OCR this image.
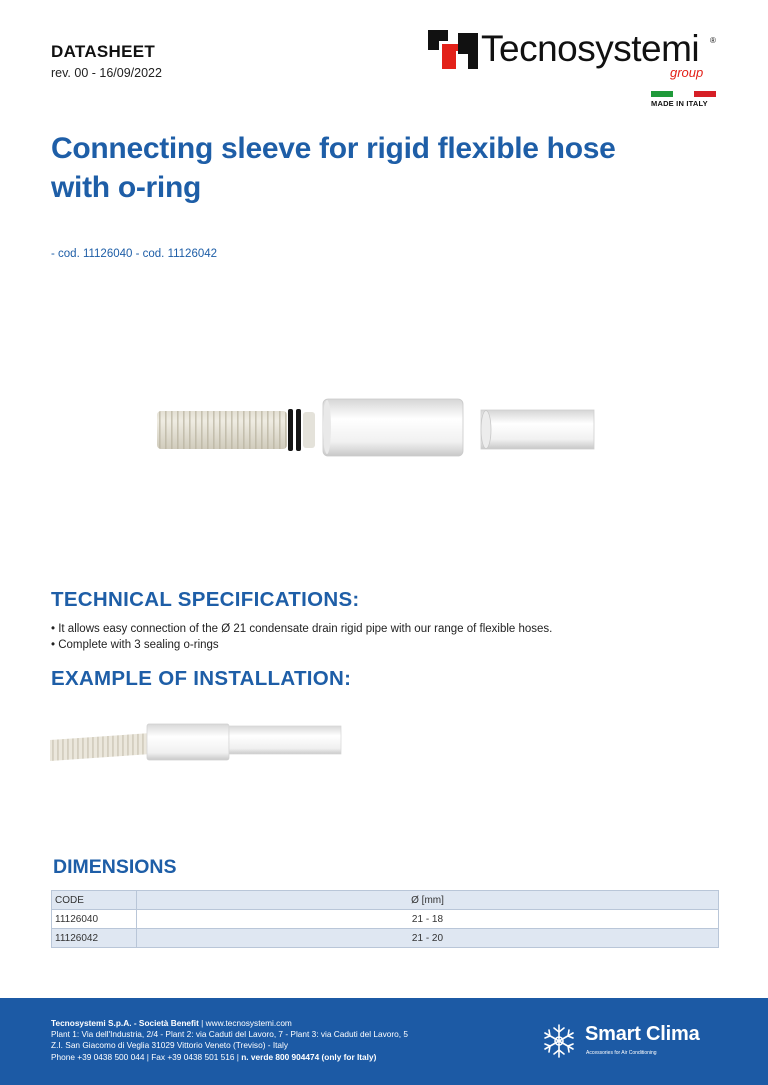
DATASHEET
rev. 00 - 16/09/2022
Tecnosystemi ®
group
MADE IN ITALY
Connecting sleeve for rigid flexible hose
with o-ring
- cod. 11126040 - cod. 11126042
TECHNICAL SPECIFICATIONS:
• It allows easy connection of the Ø 21 condensate drain rigid pipe with our range of flexible hoses.
• Complete with 3 sealing o-rings
EXAMPLE OF INSTALLATION:
DIMENSIONS
CODE	Ø [mm]
11126040	21 - 18
11126042	21 - 20
Tecnosystemi S.p.A. - Società Benefit | www.tecnosystemi.com
Plant 1: Via dell'Industria, 2/4 - Plant 2: via Caduti del Lavoro, 7 - Plant 3: via Caduti del Lavoro, 5
Z.I. San Giacomo di Veglia 31029 Vittorio Veneto (Treviso) - Italy
Phone +39 0438 500 044 | Fax +39 0438 501 516 | n. verde 800 904474 (only for Italy)
Smart Clima
Accessories for Air Conditioning
